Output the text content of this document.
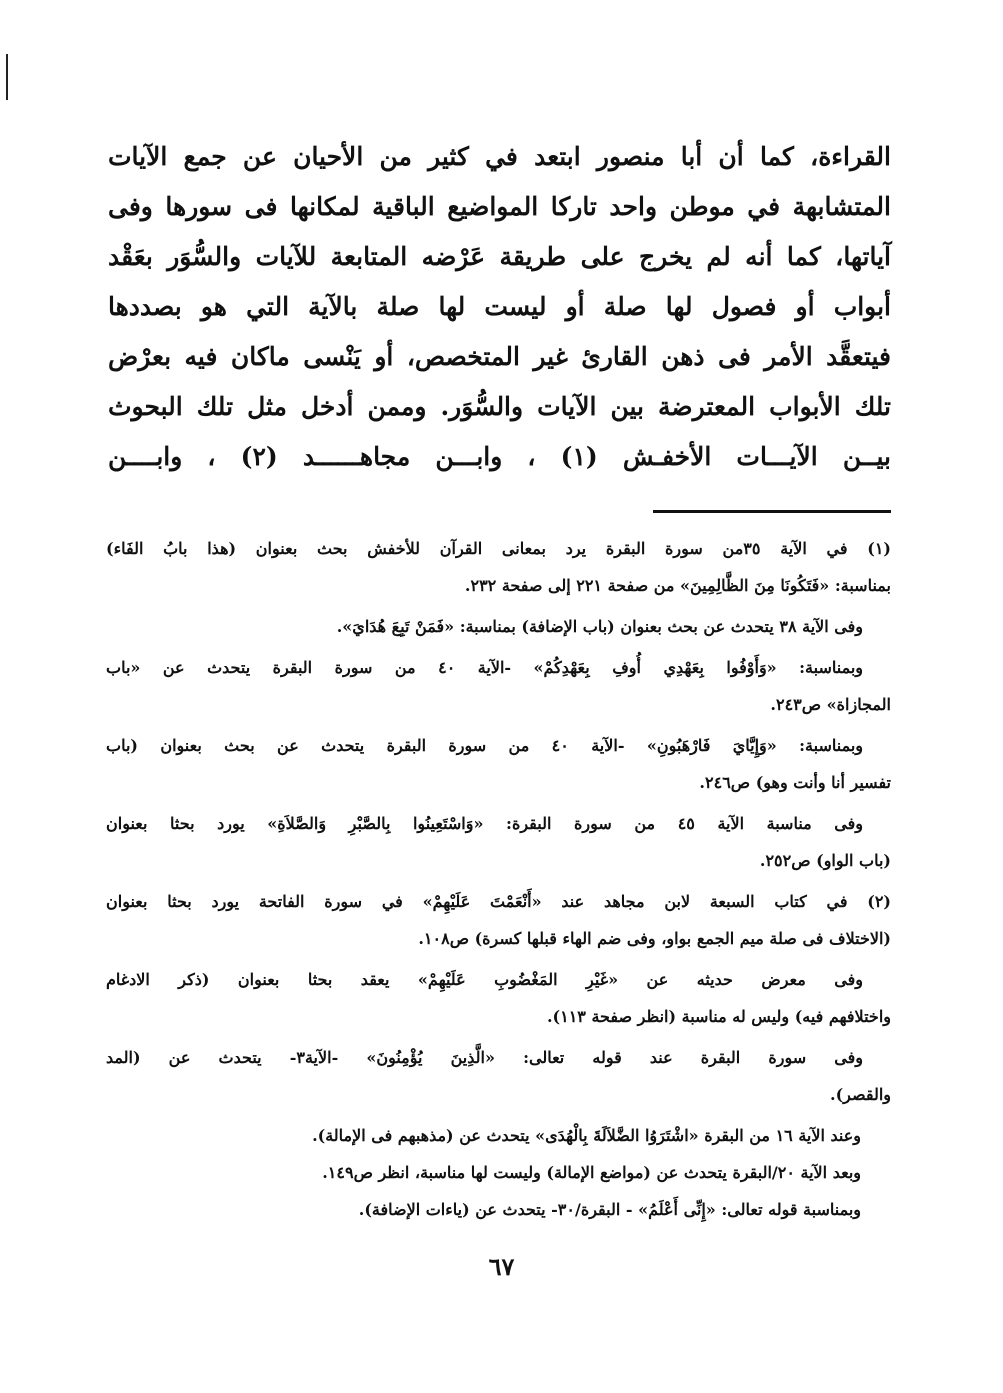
القراءة، كما أن أبا منصور ابتعد في كثير من الأحيان عن جمع الآيات
المتشابهة في موطن واحد تاركا المواضيع الباقية لمكانها فى سورها وفى
آياتها، كما أنه لم يخرج على طريقة عَرْضه المتابعة للآيات والسُّوَر بعَقْد
أبواب أو فصول لها صلة أو ليست لها صلة بالآية التي هو بصددها
فيتعقَّد الأمر فى ذهن القارئ غير المتخصص، أو يَنْسى ماكان فيه بعرْض
تلك الأبواب المعترضة بين الآيات والسُّوَر. وممن أدخل مثل تلك البحوث
بيــن الآيـــات الأخفـش (١) ، وابـــن مجاهــــــد (٢) ، وابــــن
(١) في الآية ٣٥من سورة البقرة يرد بمعانى القرآن للأخفش بحث بعنوان (هذا بابُ الفَاء)
بمناسبة: «فَتَكُونَا مِنَ الظَّالِمِينَ» من صفحة ٢٢١ إلى صفحة ٢٣٢.
وفى الآية ٣٨ يتحدث عن بحث بعنوان (باب الإضافة) بمناسبة: «فَمَنْ تَبِعَ هُدَايَ».
وبمناسبة: «وَأَوْفُوا بِعَهْدِي أُوفِ بِعَهْدِكُمْ» -الآية ٤٠ من سورة البقرة يتحدث عن «باب
المجازاة» ص٢٤٣.
وبمناسبة: «وَإِيَّايَ فَارْهَبُونِ» -الآية ٤٠ من سورة البقرة يتحدث عن بحث بعنوان (باب
تفسير أنا وأنت وهو) ص٢٤٦.
وفى مناسبة الآية ٤٥ من سورة البقرة: «وَاسْتَعِينُوا بِالصَّبْرِ وَالصَّلاَةِ» يورد بحثا بعنوان
(باب الواو) ص٢٥٢.
(٢) في كتاب السبعة لابن مجاهد عند «أَنْعَمْتَ عَلَيْهِمْ» في سورة الفاتحة يورد بحثا بعنوان
(الاختلاف فى صلة ميم الجمع بواو، وفى ضم الهاء قبلها كسرة) ص١٠٨.
وفى معرض حديثه عن «غَيْرِ المَغْضُوبِ عَلَيْهِمْ» يعقد بحثا بعنوان (ذكر الادغام
واختلافهم فيه) وليس له مناسبة (انظر صفحة ١١٣).
وفى سورة البقرة عند قوله تعالى: «الَّذِينَ يُؤْمِنُونَ» -الآية٣- يتحدث عن (المد
والقصر).
وعند الآية ١٦ من البقرة «اشْتَرَوُا الضَّلاَلَةَ بِالْهُدَى» يتحدث عن (مذهبهم فى الإمالة).
وبعد الآية ٢٠/البقرة يتحدث عن (مواضع الإمالة) وليست لها مناسبة، انظر ص١٤٩.
وبمناسبة قوله تعالى: «إِنِّى أَعْلَمُ» - البقرة/٣٠- يتحدث عن (ياءات الإضافة).
٦٧
